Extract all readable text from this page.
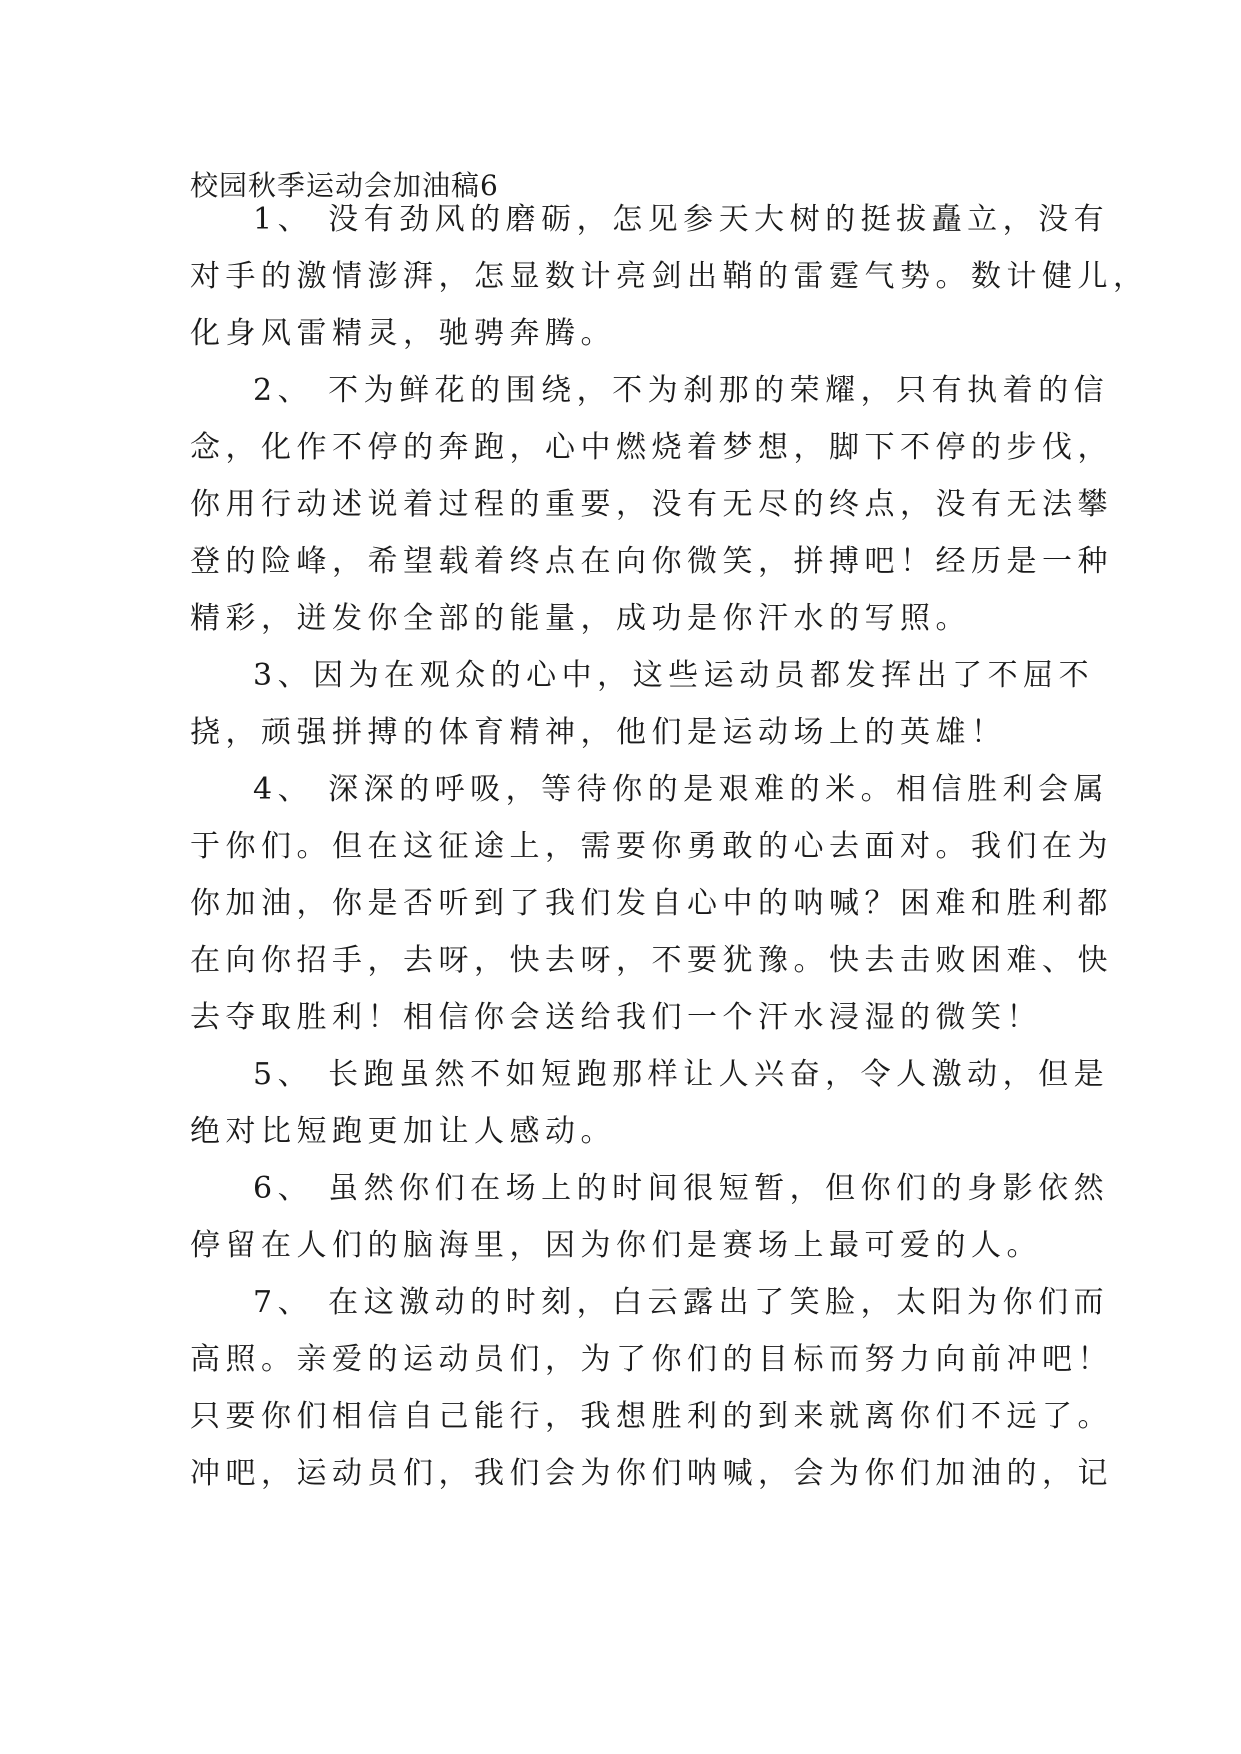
校园秋季运动会加油稿6
1、 没有劲风的磨砺，怎见参天大树的挺拔矗立，没有
对手的激情澎湃，怎显数计亮剑出鞘的雷霆气势。数计健儿，
化身风雷精灵，驰骋奔腾。
2、 不为鲜花的围绕，不为刹那的荣耀，只有执着的信
念，化作不停的奔跑，心中燃烧着梦想，脚下不停的步伐，
你用行动述说着过程的重要，没有无尽的终点，没有无法攀
登的险峰，希望载着终点在向你微笑，拼搏吧！经历是一种
精彩，迸发你全部的能量，成功是你汗水的写照。
3、因为在观众的心中，这些运动员都发挥出了不屈不
挠，顽强拼搏的体育精神，他们是运动场上的英雄！
4、 深深的呼吸，等待你的是艰难的米。相信胜利会属
于你们。但在这征途上，需要你勇敢的心去面对。我们在为
你加油，你是否听到了我们发自心中的呐喊？困难和胜利都
在向你招手，去呀，快去呀，不要犹豫。快去击败困难、快
去夺取胜利！相信你会送给我们一个汗水浸湿的微笑！
5、 长跑虽然不如短跑那样让人兴奋，令人激动，但是
绝对比短跑更加让人感动。
6、 虽然你们在场上的时间很短暂，但你们的身影依然
停留在人们的脑海里，因为你们是赛场上最可爱的人。
7、 在这激动的时刻，白云露出了笑脸，太阳为你们而
高照。亲爱的运动员们，为了你们的目标而努力向前冲吧！
只要你们相信自己能行，我想胜利的到来就离你们不远了。
冲吧，运动员们，我们会为你们呐喊，会为你们加油的，记
